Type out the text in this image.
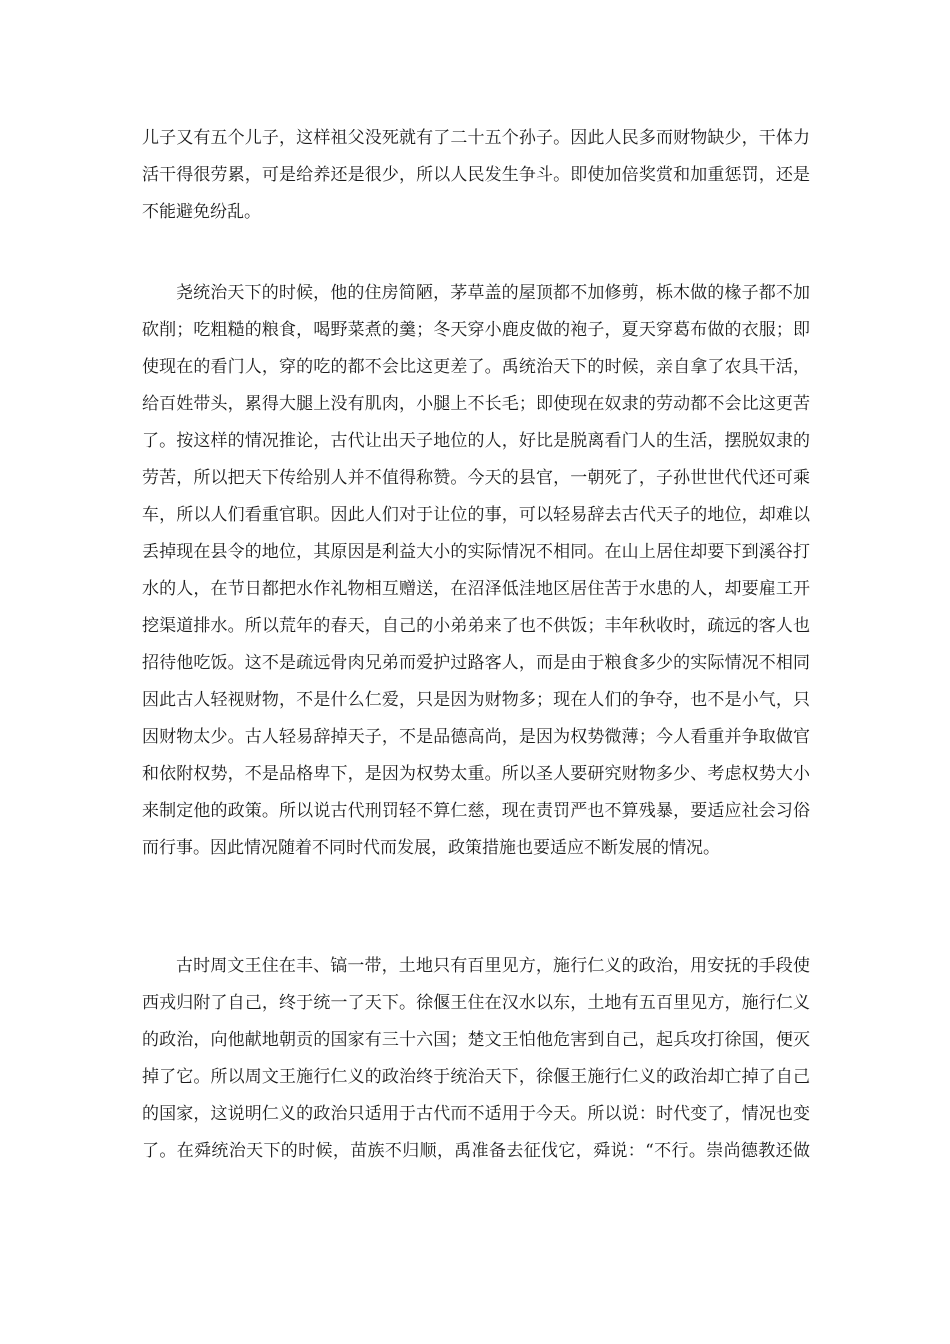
儿子又有五个儿子，这样祖父没死就有了二十五个孙子。因此人民多而财物缺少，干体力
活干得很劳累，可是给养还是很少，所以人民发生争斗。即使加倍奖赏和加重惩罚，还是
不能避免纷乱。
尧统治天下的时候，他的住房简陋，茅草盖的屋顶都不加修剪，栎木做的椽子都不加
砍削；吃粗糙的粮食，喝野菜煮的羹；冬天穿小鹿皮做的袍子，夏天穿葛布做的衣服；即
使现在的看门人，穿的吃的都不会比这更差了。禹统治天下的时候，亲自拿了农具干活，
给百姓带头，累得大腿上没有肌肉，小腿上不长毛；即使现在奴隶的劳动都不会比这更苦
了。按这样的情况推论，古代让出天子地位的人，好比是脱离看门人的生活，摆脱奴隶的
劳苦，所以把天下传给别人并不值得称赞。今天的县官，一朝死了，子孙世世代代还可乘
车，所以人们看重官职。因此人们对于让位的事，可以轻易辞去古代天子的地位，却难以
丢掉现在县令的地位，其原因是利益大小的实际情况不相同。在山上居住却要下到溪谷打
水的人，在节日都把水作礼物相互赠送，在沼泽低洼地区居住苦于水患的人，却要雇工开
挖渠道排水。所以荒年的春天，自己的小弟弟来了也不供饭；丰年秋收时，疏远的客人也
招待他吃饭。这不是疏远骨肉兄弟而爱护过路客人，而是由于粮食多少的实际情况不相同
因此古人轻视财物，不是什么仁爱，只是因为财物多；现在人们的争夺，也不是小气，只
因财物太少。古人轻易辞掉天子，不是品德高尚，是因为权势微薄；今人看重并争取做官
和依附权势，不是品格卑下，是因为权势太重。所以圣人要研究财物多少、考虑权势大小
来制定他的政策。所以说古代刑罚轻不算仁慈，现在责罚严也不算残暴，要适应社会习俗
而行事。因此情况随着不同时代而发展，政策措施也要适应不断发展的情况。
古时周文王住在丰、镐一带，土地只有百里见方，施行仁义的政治，用安抚的手段使
西戎归附了自己，终于统一了天下。徐偃王住在汉水以东，土地有五百里见方，施行仁义
的政治，向他献地朝贡的国家有三十六国；楚文王怕他危害到自己，起兵攻打徐国，便灭
掉了它。所以周文王施行仁义的政治终于统治天下，徐偃王施行仁义的政治却亡掉了自己
的国家，这说明仁义的政治只适用于古代而不适用于今天。所以说：时代变了，情况也变
了。在舜统治天下的时候，苗族不归顺，禹准备去征伐它，舜说：“不行。崇尚德教还做
